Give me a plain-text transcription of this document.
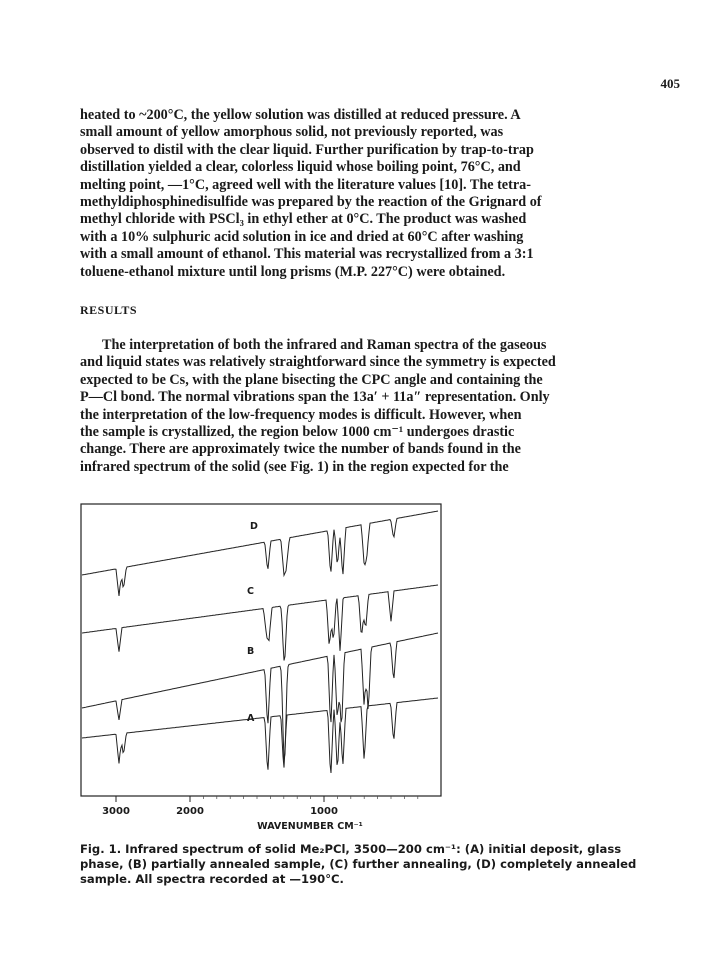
405
heated to ~200°C, the yellow solution was distilled at reduced pressure. A
small amount of yellow amorphous solid, not previously reported, was
observed to distil with the clear liquid. Further purification by trap-to-trap
distillation yielded a clear, colorless liquid whose boiling point, 76°C, and
melting point, —1°C, agreed well with the literature values [10]. The tetra-
methyldiphosphinedisulfide was prepared by the reaction of the Grignard of
methyl chloride with PSCl₃ in ethyl ether at 0°C. The product was washed
with a 10% sulphuric acid solution in ice and dried at 60°C after washing
with a small amount of ethanol. This material was recrystallized from a 3:1
toluene-ethanol mixture until long prisms (M.P. 227°C) were obtained.
RESULTS
The interpretation of both the infrared and Raman spectra of the gaseous
and liquid states was relatively straightforward since the symmetry is expected
expected to be Cs, with the plane bisecting the CPC angle and containing the
P—Cl bond. The normal vibrations span the 13a′ + 11a″ representation. Only
the interpretation of the low-frequency modes is difficult. However, when
the sample is crystallized, the region below 1000 cm⁻¹ undergoes drastic
change. There are approximately twice the number of bands found in the
infrared spectrum of the solid (see Fig. 1) in the region expected for the
D
C
B
A
3000	2000	1000
WAVENUMBER CM⁻¹
Fig. 1. Infrared spectrum of solid Me₂PCl, 3500—200 cm⁻¹: (A) initial deposit, glass
phase, (B) partially annealed sample, (C) further annealing, (D) completely annealed
sample. All spectra recorded at —190°C.
